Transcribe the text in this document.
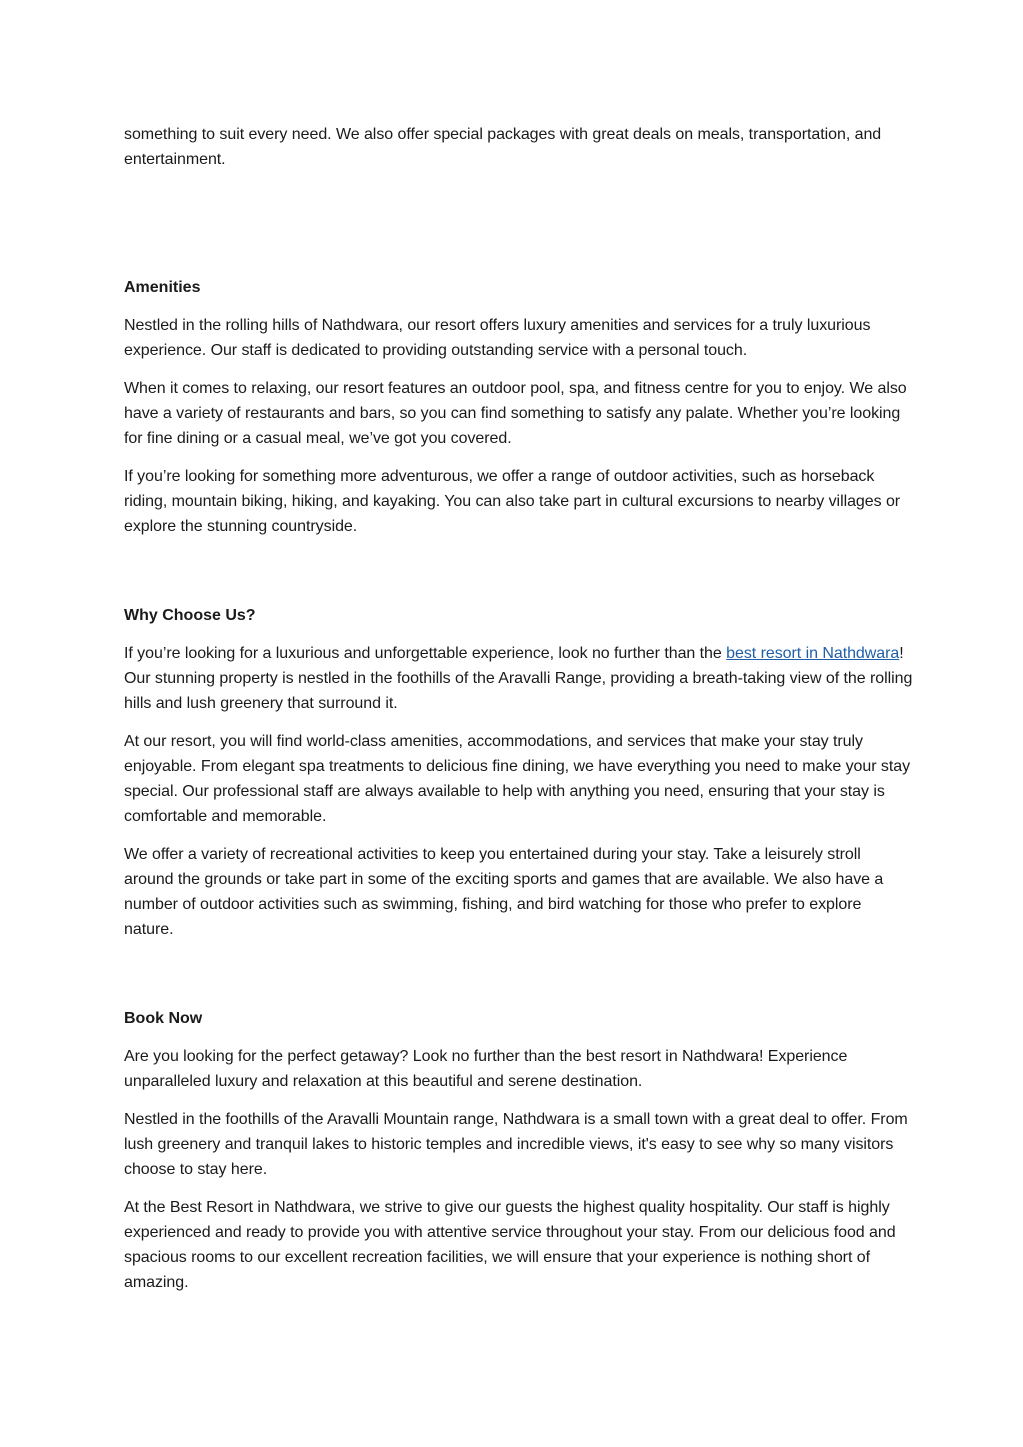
something to suit every need. We also offer special packages with great deals on meals, transportation, and entertainment.

Amenities

Nestled in the rolling hills of Nathdwara, our resort offers luxury amenities and services for a truly luxurious experience. Our staff is dedicated to providing outstanding service with a personal touch.

When it comes to relaxing, our resort features an outdoor pool, spa, and fitness centre for you to enjoy. We also have a variety of restaurants and bars, so you can find something to satisfy any palate. Whether you’re looking for fine dining or a casual meal, we’ve got you covered.

If you’re looking for something more adventurous, we offer a range of outdoor activities, such as horseback riding, mountain biking, hiking, and kayaking. You can also take part in cultural excursions to nearby villages or explore the stunning countryside.

Why Choose Us?

If you’re looking for a luxurious and unforgettable experience, look no further than the best resort in Nathdwara! Our stunning property is nestled in the foothills of the Aravalli Range, providing a breath-taking view of the rolling hills and lush greenery that surround it.

At our resort, you will find world-class amenities, accommodations, and services that make your stay truly enjoyable. From elegant spa treatments to delicious fine dining, we have everything you need to make your stay special. Our professional staff are always available to help with anything you need, ensuring that your stay is comfortable and memorable.

We offer a variety of recreational activities to keep you entertained during your stay. Take a leisurely stroll around the grounds or take part in some of the exciting sports and games that are available. We also have a number of outdoor activities such as swimming, fishing, and bird watching for those who prefer to explore nature.

Book Now

Are you looking for the perfect getaway? Look no further than the best resort in Nathdwara! Experience unparalleled luxury and relaxation at this beautiful and serene destination.

Nestled in the foothills of the Aravalli Mountain range, Nathdwara is a small town with a great deal to offer. From lush greenery and tranquil lakes to historic temples and incredible views, it's easy to see why so many visitors choose to stay here.

At the Best Resort in Nathdwara, we strive to give our guests the highest quality hospitality. Our staff is highly experienced and ready to provide you with attentive service throughout your stay. From our delicious food and spacious rooms to our excellent recreation facilities, we will ensure that your experience is nothing short of amazing.
